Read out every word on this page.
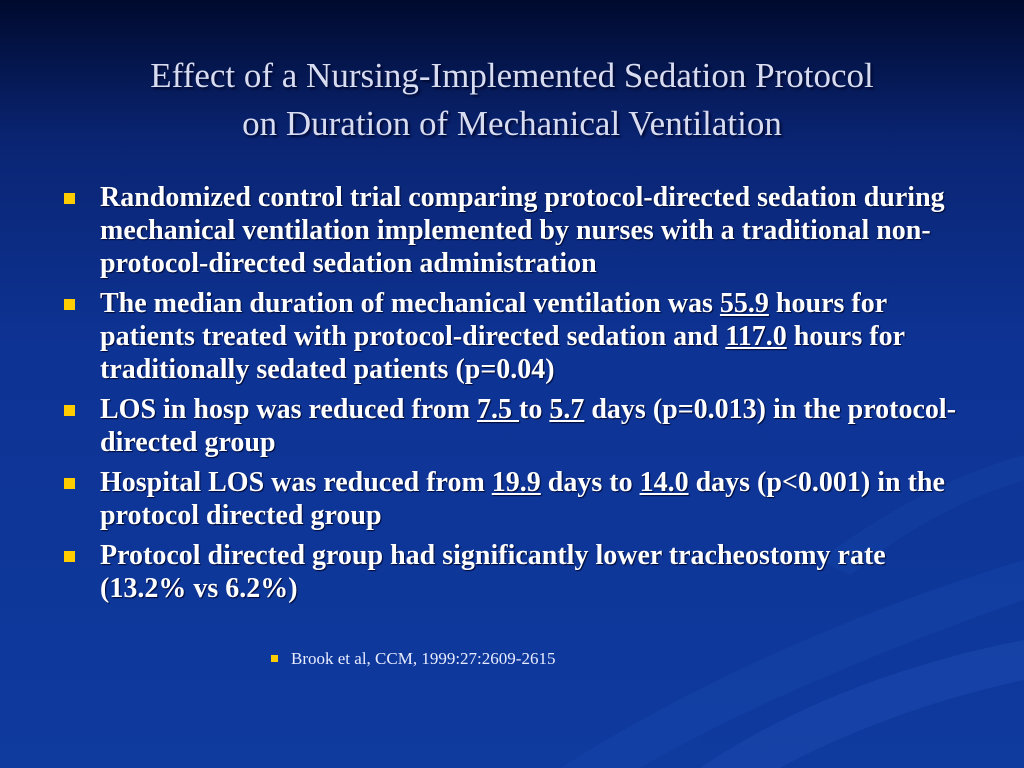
Effect of a Nursing-Implemented Sedation Protocol
on Duration of Mechanical Ventilation
Randomized control trial comparing protocol-directed sedation during mechanical ventilation implemented by nurses with a traditional non-protocol-directed sedation administration
The median duration of mechanical ventilation was 55.9 hours for patients treated with protocol-directed sedation and 117.0 hours for traditionally sedated patients (p=0.04)
LOS in hosp was reduced from 7.5 to 5.7 days (p=0.013) in the protocol-directed group
Hospital LOS was reduced from 19.9 days to 14.0 days (p<0.001) in the protocol directed group
Protocol directed group had significantly lower tracheostomy rate (13.2% vs 6.2%)
Brook et al, CCM, 1999:27:2609-2615
